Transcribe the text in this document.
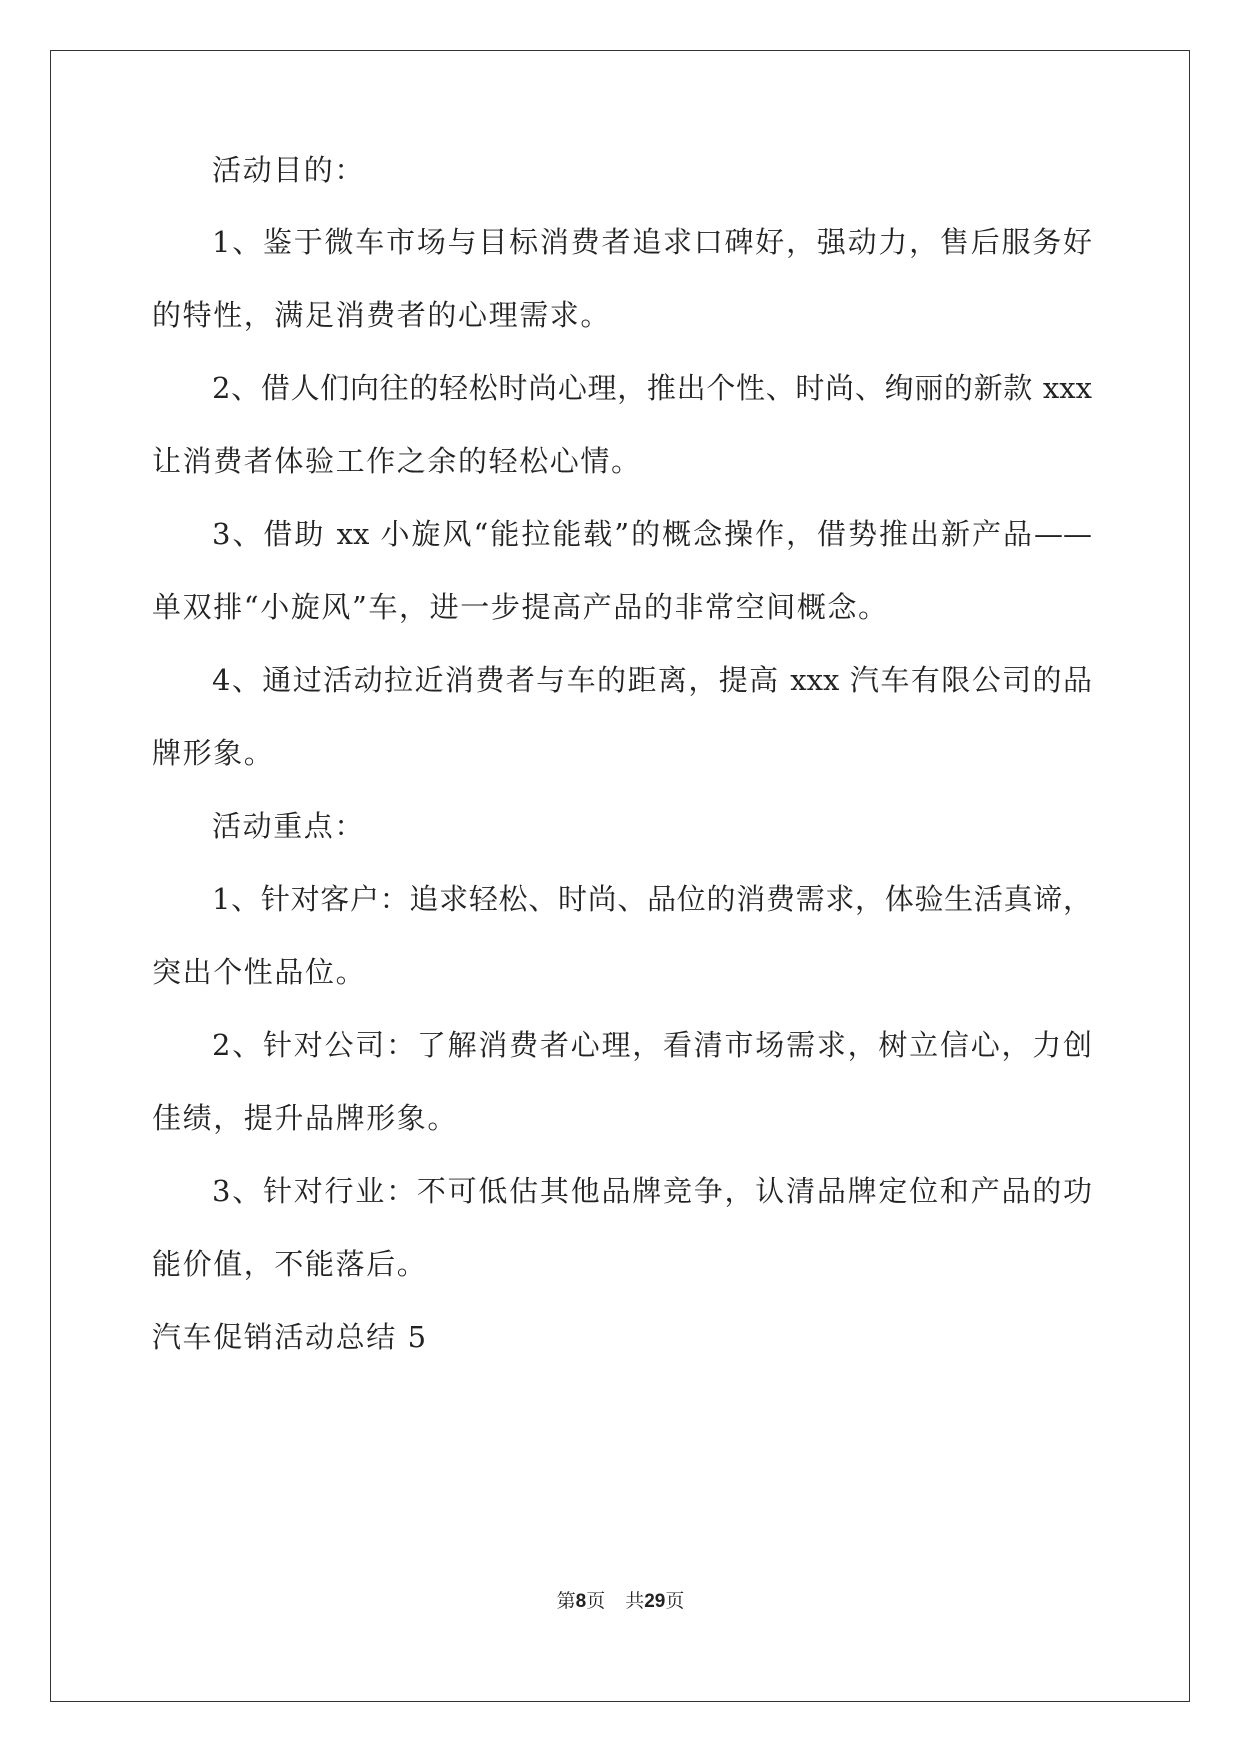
活动目的：
1、鉴于微车市场与目标消费者追求口碑好，强动力，售后服务好
的特性，满足消费者的心理需求。
2、借人们向往的轻松时尚心理，推出个性、时尚、绚丽的新款 xxx
让消费者体验工作之余的轻松心情。
3、借助 xx 小旋风“能拉能载”的概念操作，借势推出新产品——
单双排“小旋风”车，进一步提高产品的非常空间概念。
4、通过活动拉近消费者与车的距离，提高 xxx 汽车有限公司的品
牌形象。
活动重点：
1、针对客户：追求轻松、时尚、品位的消费需求，体验生活真谛，
突出个性品位。
2、针对公司：了解消费者心理，看清市场需求，树立信心，力创
佳绩，提升品牌形象。
3、针对行业：不可低估其他品牌竞争，认清品牌定位和产品的功
能价值，不能落后。
汽车促销活动总结 5
第8页 共29页
